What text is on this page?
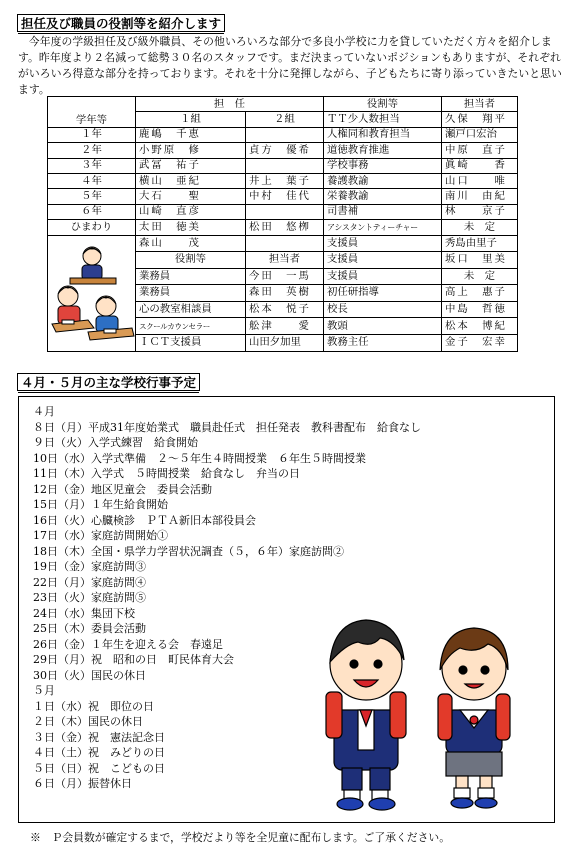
担任及び職員の役割等を紹介します
今年度の学級担任及び級外職員、その他いろいろな部分で多良小学校に力を貸していただく方々を紹介します。昨年度より２名減って総勢３０名のスタッフです。まだ決まっていないポジションもありますが、それぞれがいろいろ得意な部分を持っております。それを十分に発揮しながら、子どもたちに寄り添っていきたいと思います。
学年等	担　任		役割等	担当者
	１組	２組	ＴＴ少人数担当	久保　翔平
１年	鹿嶋　千恵		人権同和教育担当	瀬戸口宏治
２年	小野原　修	貞方　優希	道徳教育推進	中原　直子
３年	武冨　祐子		学校事務	眞崎　　香
４年	横山　亜紀	井上　葉子	養護教諭	山口　　唯
５年	大石　　聖	中村　佳代	栄養教諭	南川　由紀
６年	山崎　直彦		司書補	林　　京子
ひまわり	太田　徳美	松田　悠栁	アシスタントティーチャー	未　定

	森山　　茂		支援員	秀島由里子
	役割等	担当者	支援員	坂口　里美
	業務員	今田　一馬	支援員	未　定
	業務員	森田　英樹	初任研指導	高上　惠子
	心の教室相談員	松本　悦子	校長	中島　哲徳
	スクールカウンセラー	舩津　　愛	教頭	松本　博紀
	ＩＣＴ支援員	山田夕加里	教務主任	金子　宏幸
４月・５月の主な学校行事予定
４月
８日（月）平成31年度始業式　職員赴任式　担任発表　教科書配布　給食なし
９日（火）入学式練習　給食開始
10日（水）入学式準備　２～５年生４時間授業　６年生５時間授業
11日（木）入学式　５時間授業　給食なし　弁当の日
12日（金）地区児童会　委員会活動
15日（月）１年生給食開始
16日（火）心臓検診　ＰＴＡ新旧本部役員会
17日（水）家庭訪問開始①
18日（木）全国・県学力学習状況調査（５，６年）家庭訪問②
19日（金）家庭訪問③
22日（月）家庭訪問④
23日（火）家庭訪問⑤
24日（水）集団下校
25日（木）委員会活動
26日（金）１年生を迎える会　春遠足
29日（月）祝　昭和の日　町民体育大会
30日（火）国民の休日
５月
１日（水）祝　即位の日
２日（木）国民の休日
３日（金）祝　憲法記念日
４日（土）祝　みどりの日
５日（日）祝　こどもの日
６日（月）振替休日
※　Ｐ会員数が確定するまで，学校だより等を全児童に配布します。ご了承ください。
